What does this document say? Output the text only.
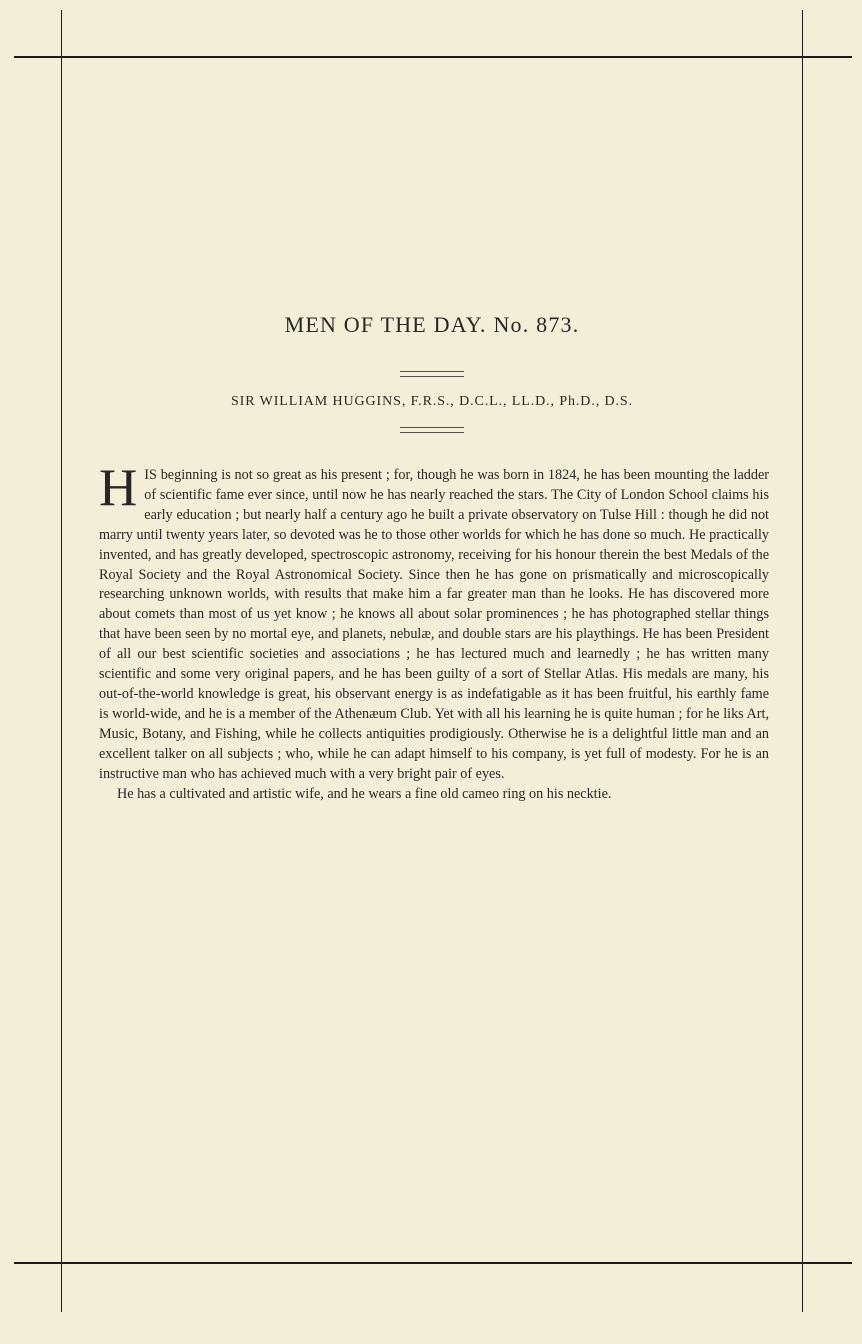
MEN OF THE DAY. No. 873.
SIR WILLIAM HUGGINS, F.R.S., D.C.L., LL.D., Ph.D., D.S.

HIS beginning is not so great as his present ; for, though he was born in 1824, he has been mounting the ladder of scientific fame ever since, until now he has nearly reached the stars. The City of London School claims his early education ; but nearly half a century ago he built a private observatory on Tulse Hill : though he did not marry until twenty years later, so devoted was he to those other worlds for which he has done so much. He practically invented, and has greatly developed, spectroscopic astronomy, receiving for his honour therein the best Medals of the Royal Society and the Royal Astronomical Society. Since then he has gone on prismatically and microscopically researching unknown worlds, with results that make him a far greater man than he looks. He has discovered more about comets than most of us yet know ; he knows all about solar prominences ; he has photographed stellar things that have been seen by no mortal eye, and planets, nebulæ, and double stars are his playthings. He has been President of all our best scientific societies and associations ; he has lectured much and learnedly ; he has written many scientific and some very original papers, and he has been guilty of a sort of Stellar Atlas. His medals are many, his out-of-the-world knowledge is great, his observant energy is as indefatigable as it has been fruitful, his earthly fame is world-wide, and he is a member of the Athenæum Club. Yet with all his learning he is quite human ; for he liks Art, Music, Botany, and Fishing, while he collects antiquities prodigiously. Otherwise he is a delightful little man and an excellent talker on all subjects ; who, while he can adapt himself to his company, is yet full of modesty. For he is an instructive man who has achieved much with a very bright pair of eyes.

He has a cultivated and artistic wife, and he wears a fine old cameo ring on his necktie.
